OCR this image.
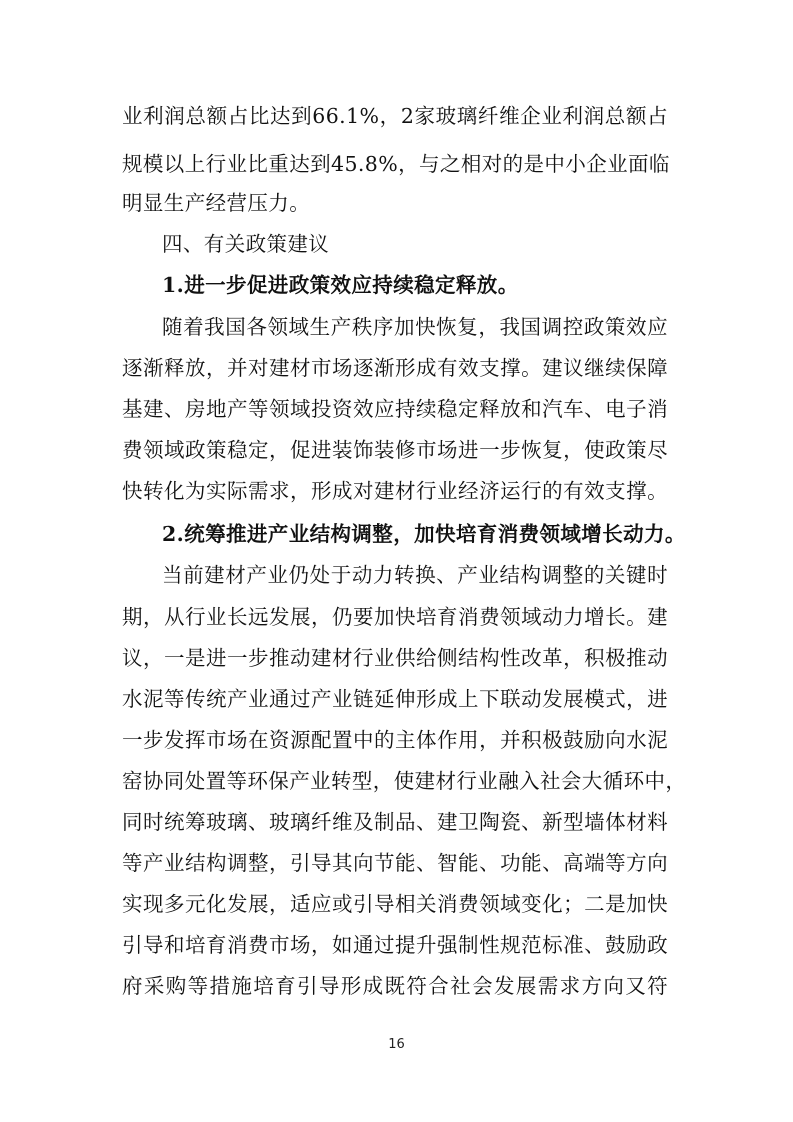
业利润总额占比达到66.1%，2家玻璃纤维企业利润总额占
规模以上行业比重达到45.8%，与之相对的是中小企业面临
明显生产经营压力。
四、有关政策建议
1.进一步促进政策效应持续稳定释放。
随着我国各领域生产秩序加快恢复，我国调控政策效应
逐渐释放，并对建材市场逐渐形成有效支撑。建议继续保障
基建、房地产等领域投资效应持续稳定释放和汽车、电子消
费领域政策稳定，促进装饰装修市场进一步恢复，使政策尽
快转化为实际需求，形成对建材行业经济运行的有效支撑。
2.统筹推进产业结构调整，加快培育消费领域增长动力。
当前建材产业仍处于动力转换、产业结构调整的关键时
期，从行业长远发展，仍要加快培育消费领域动力增长。建
议，一是进一步推动建材行业供给侧结构性改革，积极推动
水泥等传统产业通过产业链延伸形成上下联动发展模式，进
一步发挥市场在资源配置中的主体作用，并积极鼓励向水泥
窑协同处置等环保产业转型，使建材行业融入社会大循环中，
同时统筹玻璃、玻璃纤维及制品、建卫陶瓷、新型墙体材料
等产业结构调整，引导其向节能、智能、功能、高端等方向
实现多元化发展，适应或引导相关消费领域变化；二是加快
引导和培育消费市场，如通过提升强制性规范标准、鼓励政
府采购等措施培育引导形成既符合社会发展需求方向又符
16
